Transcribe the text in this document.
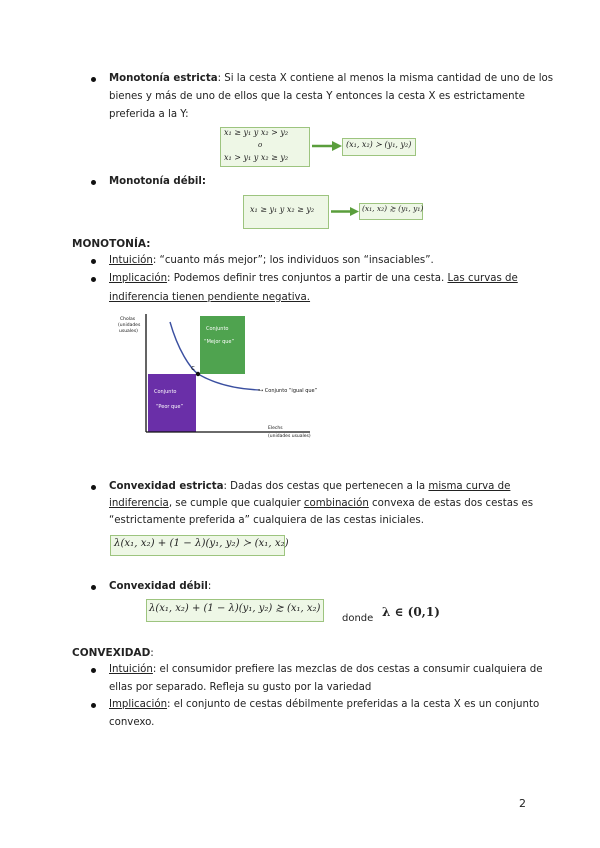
Monotonía estricta: Si la cesta X contiene al menos la misma cantidad de uno de los
bienes y más de uno de ellos que la cesta Y entonces la cesta X es estrictamente
preferida a la Y:
x₁ ≥ y₁ y x₂ > y₂
o
x₁ > y₁ y x₂ ≥ y₂
(x₁, x₂) ≻ (y₁, y₂)
Monotonía débil:
x₁ ≥ y₁ y x₂ ≥ y₂	(x₁, x₂) ≿ (y₁, y₁)
MONOTONÍA:
Intuición: “cuanto más mejor”; los individuos son “insaciables”.
Implicación: Podemos definir tres conjuntos a partir de una cesta. Las curvas de
indiferencia tienen pendiente negativa.
c
Cholas
(unidades
usuales)	Conjunto
“Mejor que”
Conjunto
“Peor que”
→ Conjunto “igual que”
Elechs
(unidades usuales)
Convexidad estricta: Dadas dos cestas que pertenecen a la misma curva de
indiferencia, se cumple que cualquier combinación convexa de estas dos cestas es
“estrictamente preferida a” cualquiera de las cestas iniciales.
λ(x₁, x₂) + (1 − λ)(y₁, y₂) ≻ (x₁, x₂)
Convexidad débil:
λ(x₁, x₂) + (1 − λ)(y₁, y₂) ≿ (x₁, x₂)
donde λ ∈ (0,1)
CONVEXIDAD:
Intuición: el consumidor prefiere las mezclas de dos cestas a consumir cualquiera de
ellas por separado. Refleja su gusto por la variedad
Implicación: el conjunto de cestas débilmente preferidas a la cesta X es un conjunto
convexo.
2
